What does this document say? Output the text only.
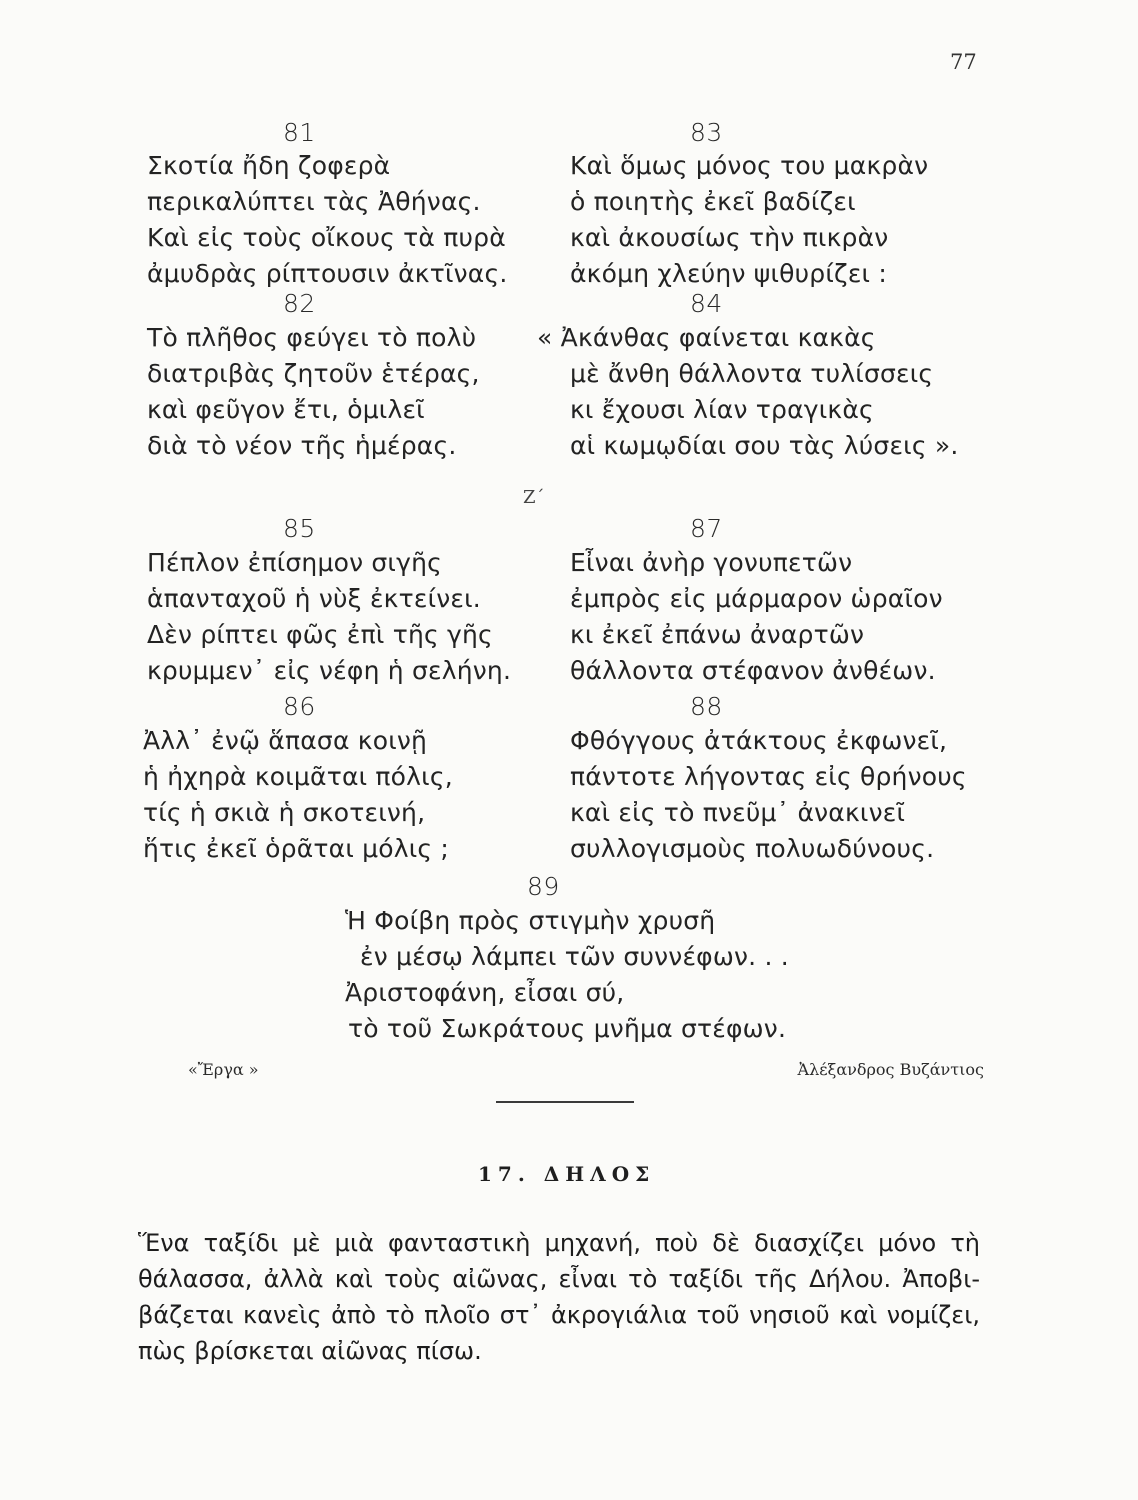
77
81
Σκοτία ἤδη ζοφερὰ
περικαλύπτει τὰς Ἀθήνας.
Καὶ εἰς τοὺς οἴκους τὰ πυρὰ
ἀμυδρὰς ρίπτουσιν ἀκτῖνας.
82
Τὸ πλῆθος φεύγει τὸ πολὺ
διατριβὰς ζητοῦν ἑτέρας,
καὶ φεῦγον ἔτι, ὁμιλεῖ
διὰ τὸ νέον τῆς ἡμέρας.
83
Καὶ ὅμως μόνος του μακρὰν
ὁ ποιητὴς ἐκεῖ βαδίζει
καὶ ἀκουσίως τὴν πικρὰν
ἀκόμη χλεύην ψιθυρίζει :
84
« Ἀκάνθας φαίνεται κακὰς
μὲ ἄνθη θάλλοντα τυλίσσεις
κι ἔχουσι λίαν τραγικὰς
αἱ κωμῳδίαι σου τὰς λύσεις ».
Ζ΄
85
Πέπλον ἐπίσημον σιγῆς
ἁπανταχοῦ ἡ νὺξ ἐκτείνει.
Δὲν ρίπτει φῶς ἐπὶ τῆς γῆς
κρυμμεν᾽ εἰς νέφη ἡ σελήνη.
86
Ἀλλ᾽ ἐνῷ ἅπασα κοινῇ
ἡ ἠχηρὰ κοιμᾶται πόλις,
τίς ἡ σκιὰ ἡ σκοτεινή,
ἥτις ἐκεῖ ὁρᾶται μόλις ;
87
Εἶναι ἀνὴρ γονυπετῶν
ἐμπρὸς εἰς μάρμαρον ὡραῖον
κι ἐκεῖ ἐπάνω ἀναρτῶν
θάλλοντα στέφανον ἀνθέων.
88
Φθόγγους ἀτάκτους ἐκφωνεῖ,
πάντοτε λήγοντας εἰς θρήνους
καὶ εἰς τὸ πνεῦμ᾽ ἀνακινεῖ
συλλογισμοὺς πολυωδύνους.
89
Ἡ Φοίβη πρὸς στιγμὴν χρυσῆ
ἐν μέσῳ λάμπει τῶν συννέφων. . .
Ἀριστοφάνη, εἶσαι σύ,
τὸ τοῦ Σωκράτους μνῆμα στέφων.
«Ἔργα »	Ἀλέξανδρος Βυζάντιος
17. ΔΗΛΟΣ
Ἕνα ταξίδι μὲ μιὰ φανταστικὴ μηχανή, ποὺ δὲ διασχίζει μόνο τὴ
θάλασσα, ἀλλὰ καὶ τοὺς αἰῶνας, εἶναι τὸ ταξίδι τῆς Δήλου. Ἀποβι-
βάζεται κανεὶς ἀπὸ τὸ πλοῖο στ᾽ ἀκρογιάλια τοῦ νησιοῦ καὶ νομίζει,
πὼς βρίσκεται αἰῶνας πίσω.
